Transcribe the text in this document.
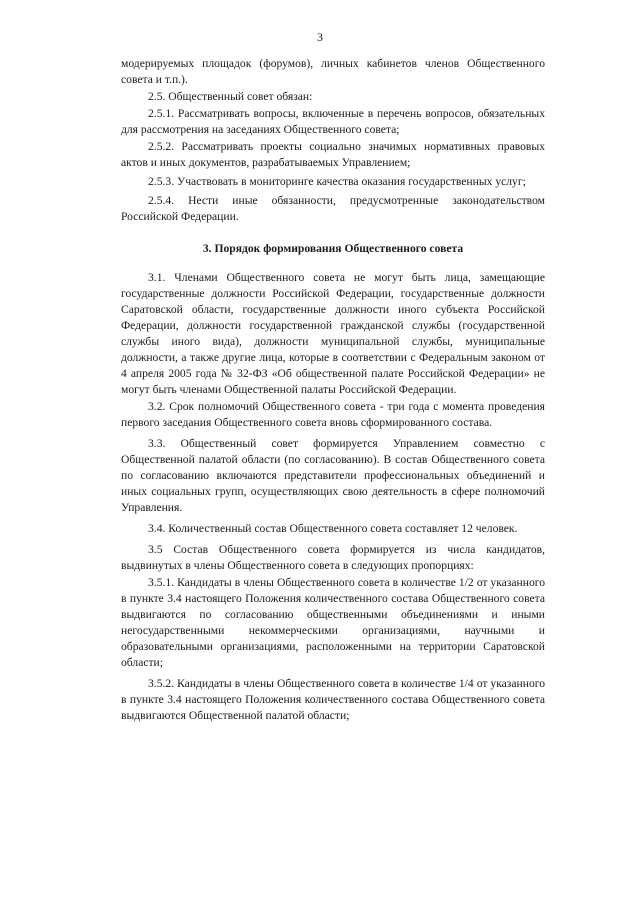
3

модерируемых площадок (форумов), личных кабинетов членов Общественного совета и т.п.).

2.5. Общественный совет обязан:

2.5.1. Рассматривать вопросы, включенные в перечень вопросов, обязательных для рассмотрения на заседаниях Общественного совета;

2.5.2. Рассматривать проекты социально значимых нормативных правовых актов и иных документов, разрабатываемых Управлением;

2.5.3. Участвовать в мониторинге качества оказания государственных услуг;

2.5.4. Нести иные обязанности, предусмотренные законодательством Российской Федерации.

3. Порядок формирования Общественного совета

3.1. Членами Общественного совета не могут быть лица, замещающие государственные должности Российской Федерации, государственные должности Саратовской области, государственные должности иного субъекта Российской Федерации, должности государственной гражданской службы (государственной службы иного вида), должности муниципальной службы, муниципальные должности, а также другие лица, которые в соответствии с Федеральным законом от 4 апреля 2005 года № 32-ФЗ «Об общественной палате Российской Федерации» не могут быть членами Общественной палаты Российской Федерации.

3.2. Срок полномочий Общественного совета - три года с момента проведения первого заседания Общественного совета вновь сформированного состава.

3.3. Общественный совет формируется Управлением совместно с Общественной палатой области (по согласованию). В состав Общественного совета по согласованию включаются представители профессиональных объединений и иных социальных групп, осуществляющих свою деятельность в сфере полномочий Управления.

3.4. Количественный состав Общественного совета составляет 12 человек.

3.5 Состав Общественного совета формируется из числа кандидатов, выдвинутых в члены Общественного совета в следующих пропорциях:

3.5.1. Кандидаты в члены Общественного совета в количестве 1/2 от указанного в пункте 3.4 настоящего Положения количественного состава Общественного совета выдвигаются по согласованию общественными объединениями и иными негосударственными некоммерческими организациями, научными и образовательными организациями, расположенными на территории Саратовской области;

3.5.2. Кандидаты в члены Общественного совета в количестве 1/4 от указанного в пункте 3.4 настоящего Положения количественного состава Общественного совета выдвигаются Общественной палатой области;
